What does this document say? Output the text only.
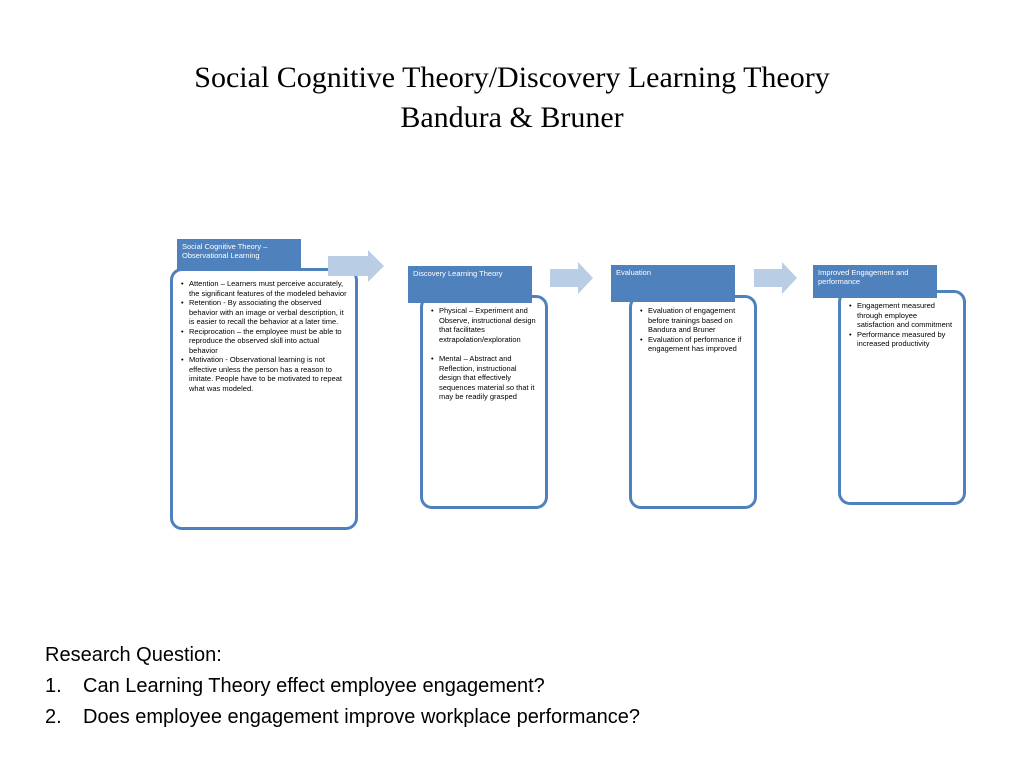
Social Cognitive Theory/Discovery Learning Theory
Bandura & Bruner
• Attention – Learners must perceive accurately, the significant features of the modeled behavior
• Retention - By associating the observed behavior with an image or verbal description, it is easier to recall the behavior at a later time.
• Reciprocation – the employee must be able to reproduce the observed skill into actual behavior
• Motivation - Observational learning is not effective unless the person has a reason to imitate. People have to be motivated to repeat what was modeled.
Social Cognitive Theory – Observational Learning
• Physical – Experiment and Observe, instructional design that facilitates extrapolation/exploration
• Mental – Abstract and Reflection, instructional design that effectively sequences material so that it may be readily grasped
Discovery Learning Theory
• Evaluation of engagement before trainings based on Bandura and Bruner
• Evaluation of performance if engagement has improved
Evaluation
• Engagement measured through employee satisfaction and commitment
• Performance measured by increased productivity
Improved Engagement and performance
Research Question:
1. Can Learning Theory effect employee engagement?
2. Does employee engagement improve workplace performance?
